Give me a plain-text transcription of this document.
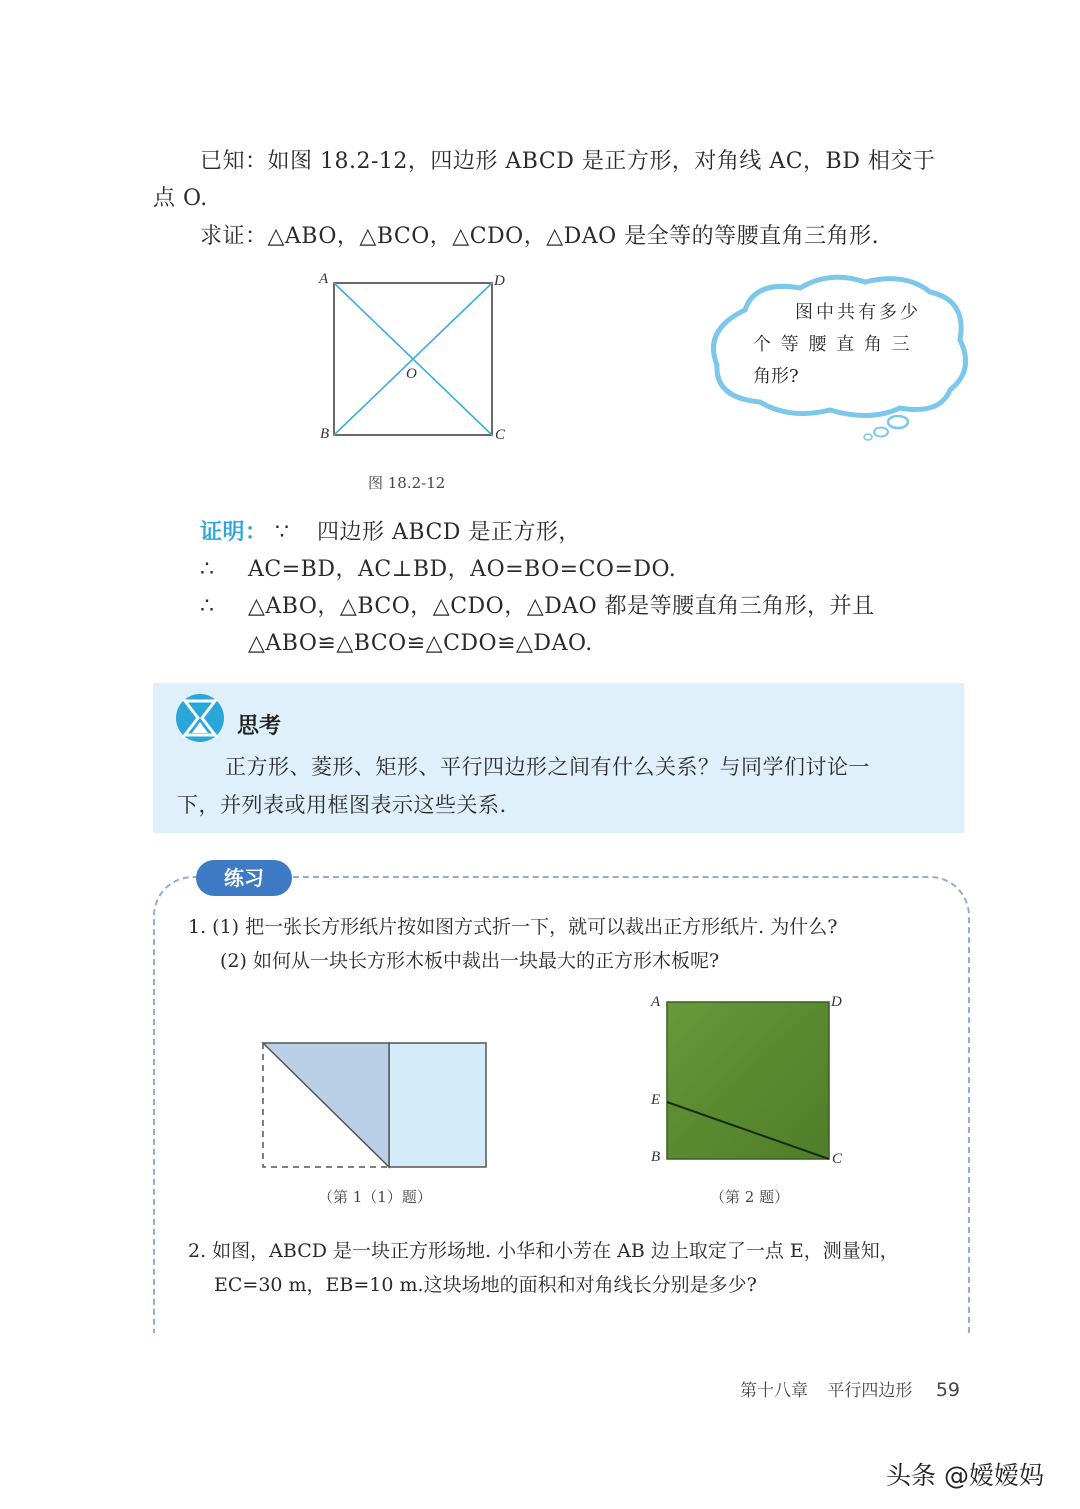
已知：如图 18.2-12，四边形 ABCD 是正方形，对角线 AC，BD 相交于
点 O.
求证：△ABO，△BCO，△CDO，△DAO 是全等的等腰直角三角形.
A	D
B	C
O
图 18.2-12
图中共有多少
个 等 腰 直 角 三
角形?
证明： ∵ 四边形 ABCD 是正方形，
∴ AC=BD，AC⊥BD，AO=BO=CO=DO.
∴ △ABO，△BCO，△CDO，△DAO 都是等腰直角三角形，并且
△ABO≌△BCO≌△CDO≌△DAO.
思考
正方形、菱形、矩形、平行四边形之间有什么关系？与同学们讨论一
下，并列表或用框图表示这些关系.
练习
1. (1) 把一张长方形纸片按如图方式折一下，就可以裁出正方形纸片. 为什么?
(2) 如何从一块长方形木板中裁出一块最大的正方形木板呢?
（第 1（1）题）
A	D
E
B	C
（第 2 题）
2. 如图，ABCD 是一块正方形场地. 小华和小芳在 AB 边上取定了一点 E，测量知，
EC=30 m，EB=10 m.这块场地的面积和对角线长分别是多少?
第十八章 平行四边形 59
头条 @嫒嫒妈
